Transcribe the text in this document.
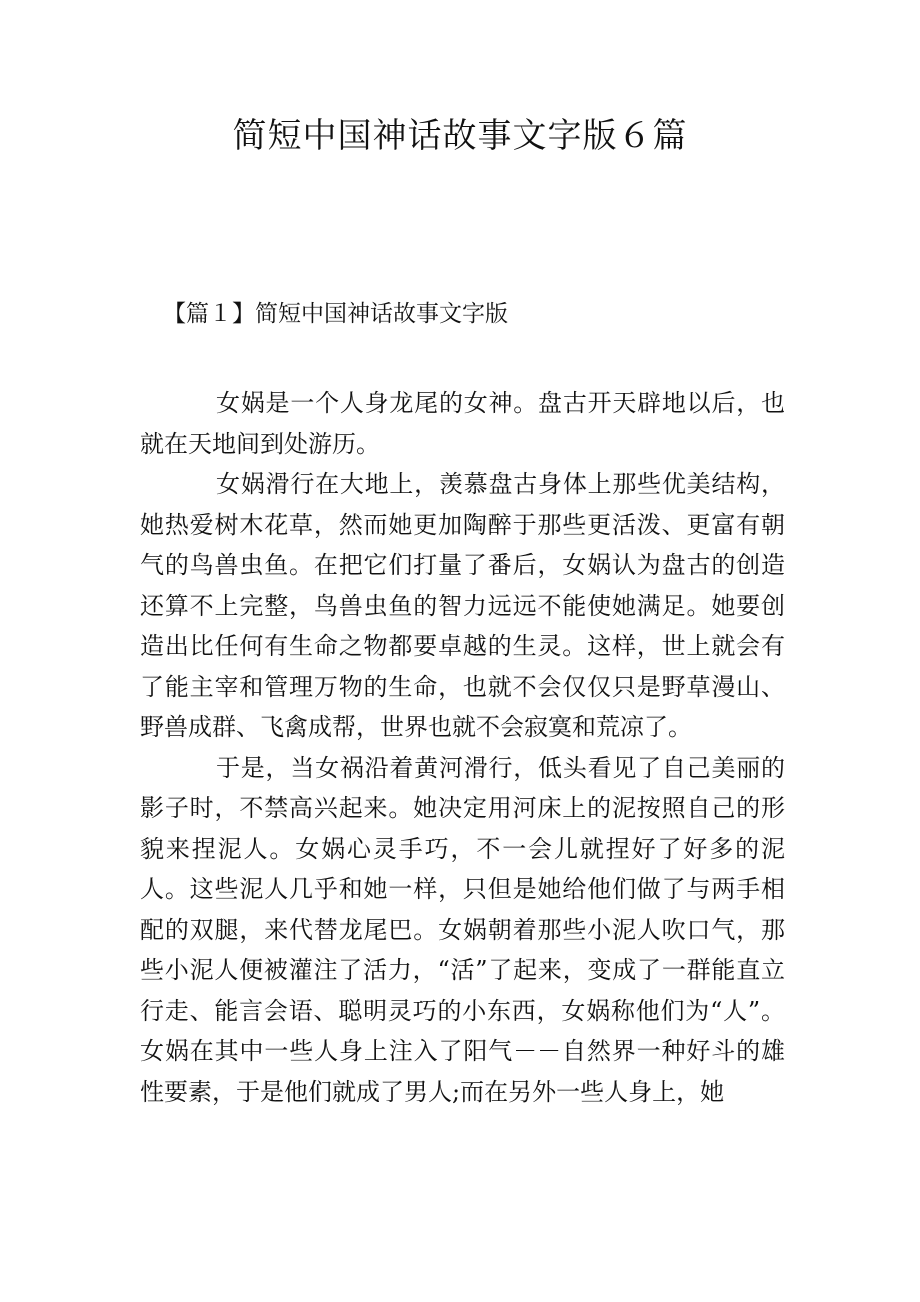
简短中国神话故事文字版６篇
【篇１】简短中国神话故事文字版

女娲是一个人身龙尾的女神。盘古开天辟地以后，也就在天地间到处游历。

女娲滑行在大地上，羡慕盘古身体上那些优美结构，她热爱树木花草，然而她更加陶醉于那些更活泼、更富有朝气的鸟兽虫鱼。在把它们打量了番后，女娲认为盘古的创造还算不上完整，鸟兽虫鱼的智力远远不能使她满足。她要创造出比任何有生命之物都要卓越的生灵。这样，世上就会有了能主宰和管理万物的生命，也就不会仅仅只是野草漫山、野兽成群、飞禽成帮，世界也就不会寂寞和荒凉了。

于是，当女祸沿着黄河滑行，低头看见了自己美丽的影子时，不禁高兴起来。她决定用河床上的泥按照自己的形貌来捏泥人。女娲心灵手巧，不一会儿就捏好了好多的泥人。这些泥人几乎和她一样，只但是她给他们做了与两手相配的双腿，来代替龙尾巴。女娲朝着那些小泥人吹口气，那些小泥人便被灌注了活力，“活”了起来，变成了一群能直立行走、能言会语、聪明灵巧的小东西，女娲称他们为“人”。女娲在其中一些人身上注入了阳气－－自然界一种好斗的雄性要素，于是他们就成了男人;而在另外一些人身上，她
